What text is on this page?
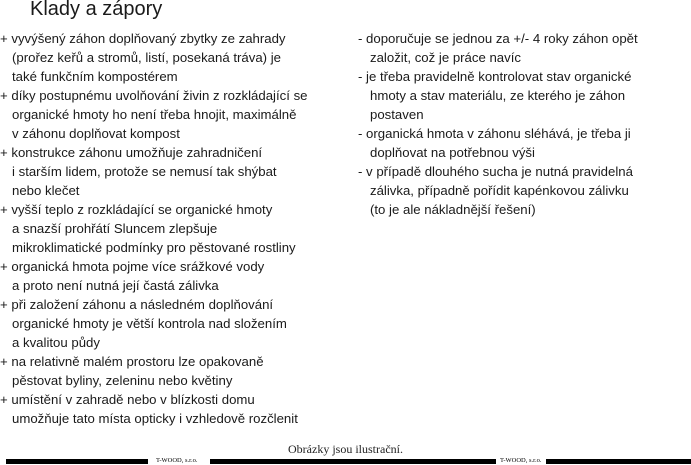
Klady a zápory
+ vyvýšený záhon doplňovaný zbytky ze zahrady
(prořez keřů a stromů, listí, posekaná tráva) je
také funkčním kompostérem
+ díky postupnému uvolňování živin z rozkládající se
organické hmoty ho není třeba hnojit, maximálně
v záhonu doplňovat kompost
+ konstrukce záhonu umožňuje zahradničení
i starším lidem, protože se nemusí tak shýbat
nebo klečet
+ vyšší teplo z rozkládající se organické hmoty
a snazší prohřátí Sluncem zlepšuje
mikroklimatické podmínky pro pěstované rostliny
+ organická hmota pojme více srážkové vody
a proto není nutná její častá zálivka
+ při založení záhonu a následném doplňování
organické hmoty je větší kontrola nad složením
a kvalitou půdy
+ na relativně malém prostoru lze opakovaně
pěstovat byliny, zeleninu nebo květiny
+ umístění v zahradě nebo v blízkosti domu
umožňuje tato místa opticky i vzhledově rozčlenit
- doporučuje se jednou za +/- 4 roky záhon opět
založit, což je práce navíc
- je třeba pravidelně kontrolovat stav organické
hmoty a stav materiálu, ze kterého je záhon
postaven
- organická hmota v záhonu sléhává, je třeba ji
doplňovat na potřebnou výši
- v případě dlouhého sucha je nutná pravidelná
zálivka, případně pořídit kapénkovou zálivku
(to je ale nákladnější řešení)
Obrázky jsou ilustrační.
T-WOOD, s.r.o.	T-WOOD, s.r.o.
